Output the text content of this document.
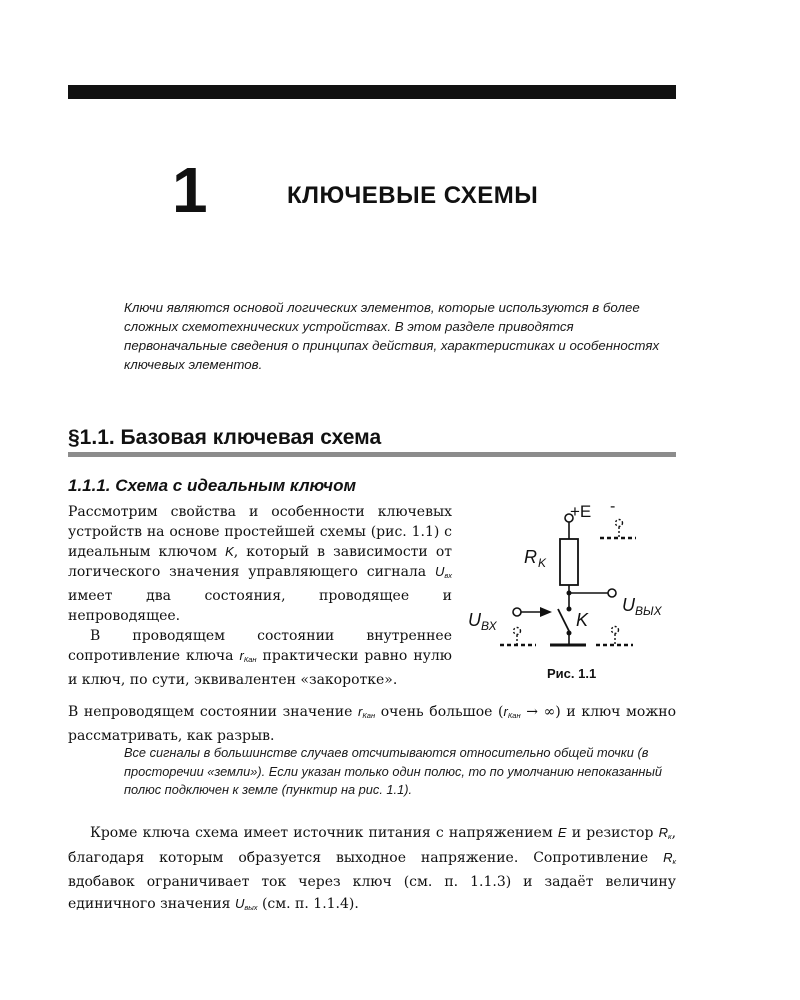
1	КЛЮЧЕВЫЕ СХЕМЫ

Ключи являются основой логических элементов, которые используются в более сложных схемотехнических устройствах. В этом разделе приводятся первоначальные сведения о принципах действия, характеристиках и особенностях ключевых элементов.

§1.1. Базовая ключевая схема
1.1.1. Схема с идеальным ключом

Рассмотрим свойства и особенности ключевых устройств на основе простейшей схемы (рис. 1.1) с идеальным ключом K, который в зависимости от логического значения управляющего сигнала $U_{вх}$ имеет два состояния, проводящее и непроводящее.
В проводящем состоянии внутреннее сопротивление ключа $r_{Кан}$ практически равно нулю и ключ, по сути, эквивалентен «закоротке».

В непроводящем состоянии значение $r_{Кан}$ очень большое ($r_{Кан}$ → ∞) и ключ можно рассматривать, как разрыв.

Все сигналы в большинстве случаев отсчитываются относительно общей точки (в просторечии «земли»). Если указан только один полюс, то по умолчанию непоказанный полюс подключен к земле (пунктир на рис. 1.1).

Кроме ключа схема имеет источник питания с напряжением E и резистор $R_к$, благодаря которым образуется выходное напряжение. Сопротивление $R_к$ вдобавок ограничивает ток через ключ (см. п. 1.1.3) и задаёт величину единичного значения $U_{вых}$ (см. п. 1.1.4).

+E -
R K
U ВЫХ
K
U ВХ
Рис. 1.1
